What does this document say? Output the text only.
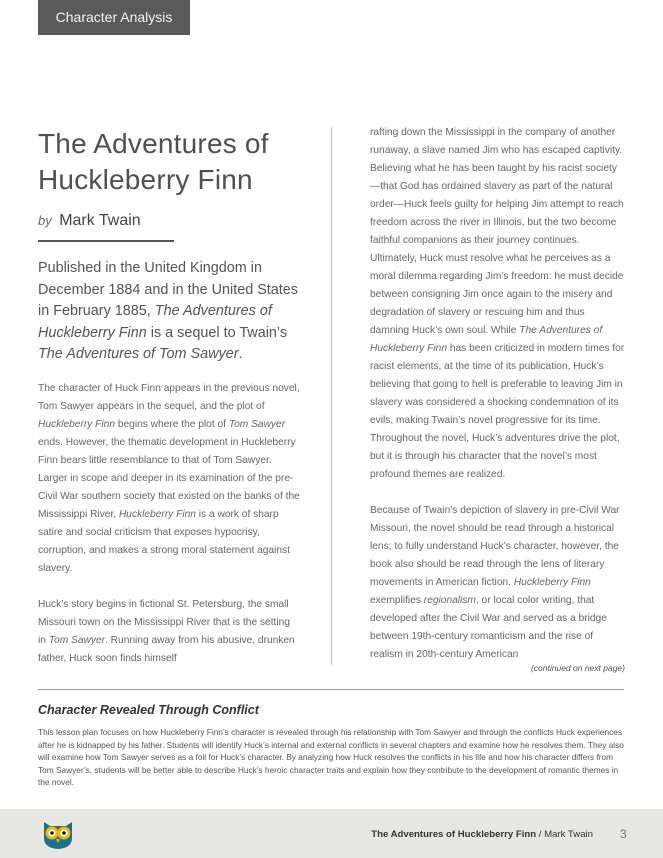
Character Analysis
The Adventures of
Huckleberry Finn
by Mark Twain
Published in the United Kingdom in December 1884 and in the United States in February 1885, The Adventures of Huckleberry Finn is a sequel to Twain’s The Adventures of Tom Sawyer.

The character of Huck Finn appears in the previous novel, Tom Sawyer appears in the sequel, and the plot of Huckleberry Finn begins where the plot of Tom Sawyer ends. However, the thematic development in Huckleberry Finn bears little resemblance to that of Tom Sawyer. Larger in scope and deeper in its examination of the pre-Civil War southern society that existed on the banks of the Mississippi River, Huckleberry Finn is a work of sharp satire and social criticism that exposes hypocrisy, corruption, and makes a strong moral statement against slavery.

Huck’s story begins in fictional St. Petersburg, the small Missouri town on the Mississippi River that is the setting in Tom Sawyer. Running away from his abusive, drunken father, Huck soon finds himself

rafting down the Mississippi in the company of another runaway, a slave named Jim who has escaped captivity. Believing what he has been taught by his racist society—that God has ordained slavery as part of the natural order—Huck feels guilty for helping Jim attempt to reach freedom across the river in Illinois, but the two become faithful companions as their journey continues. Ultimately, Huck must resolve what he perceives as a moral dilemma regarding Jim’s freedom: he must decide between consigning Jim once again to the misery and degradation of slavery or rescuing him and thus damning Huck’s own soul. While The Adventures of Huckleberry Finn has been criticized in modern times for racist elements, at the time of its publication, Huck’s believing that going to hell is preferable to leaving Jim in slavery was considered a shocking condemnation of its evils, making Twain’s novel progressive for its time. Throughout the novel, Huck’s adventures drive the plot, but it is through his character that the novel’s most profound themes are realized.

Because of Twain’s depiction of slavery in pre-Civil War Missouri, the novel should be read through a historical lens; to fully understand Huck’s character, however, the book also should be read through the lens of literary movements in American fiction. Huckleberry Finn exemplifies regionalism, or local color writing, that developed after the Civil War and served as a bridge between 19th-century romanticism and the rise of realism in 20th-century American

(continued on next page)
Character Revealed Through Conflict
This lesson plan focuses on how Huckleberry Finn’s character is revealed through his relationship with Tom Sawyer and through the conflicts Huck experiences after he is kidnapped by his father. Students will identify Huck’s internal and external conflicts in several chapters and examine how he resolves them. They also will examine how Tom Sawyer serves as a foil for Huck’s character. By analyzing how Huck resolves the conflicts in his life and how his character differs from Tom Sawyer’s, students will be better able to describe Huck’s heroic character traits and explain how they contribute to the development of romantic themes in the novel.
The Adventures of Huckleberry Finn / Mark Twain 3
